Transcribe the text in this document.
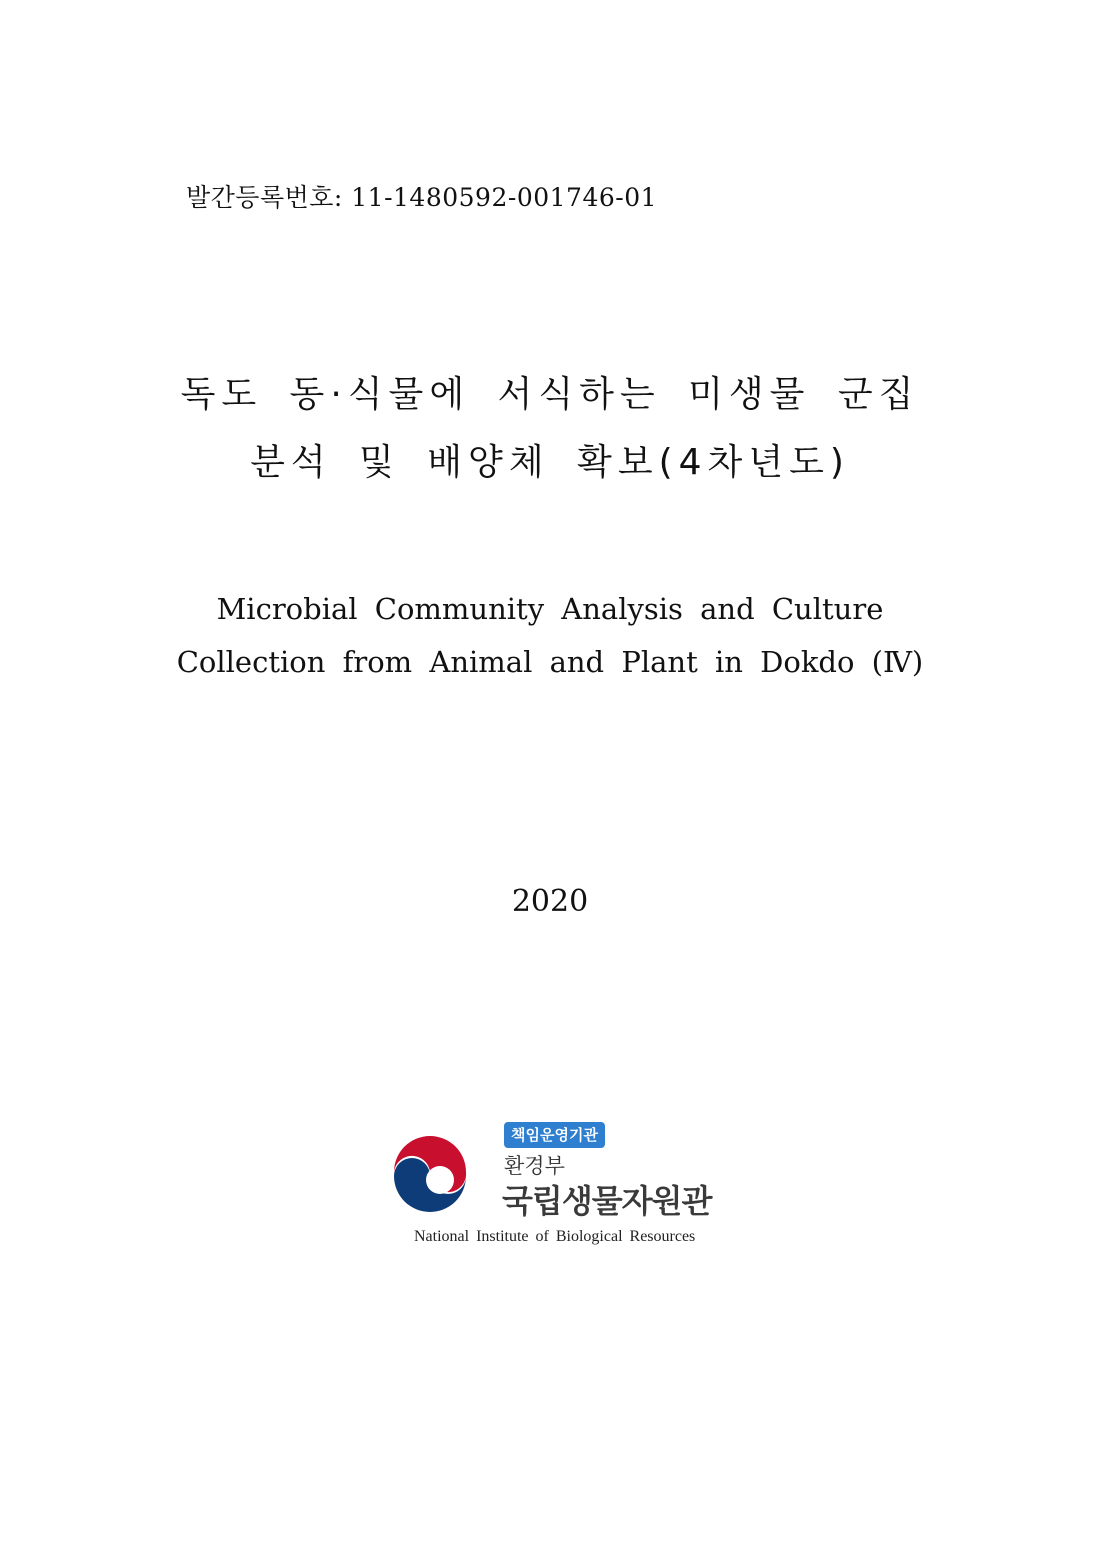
발간등록번호: 11-1480592-001746-01
독도 동·식물에 서식하는 미생물 군집
분석 및 배양체 확보(4차년도)
Microbial Community Analysis and Culture
Collection from Animal and Plant in Dokdo (Ⅳ)
2020
책임운영기관
환경부
국립생물자원관
National Institute of Biological Resources
